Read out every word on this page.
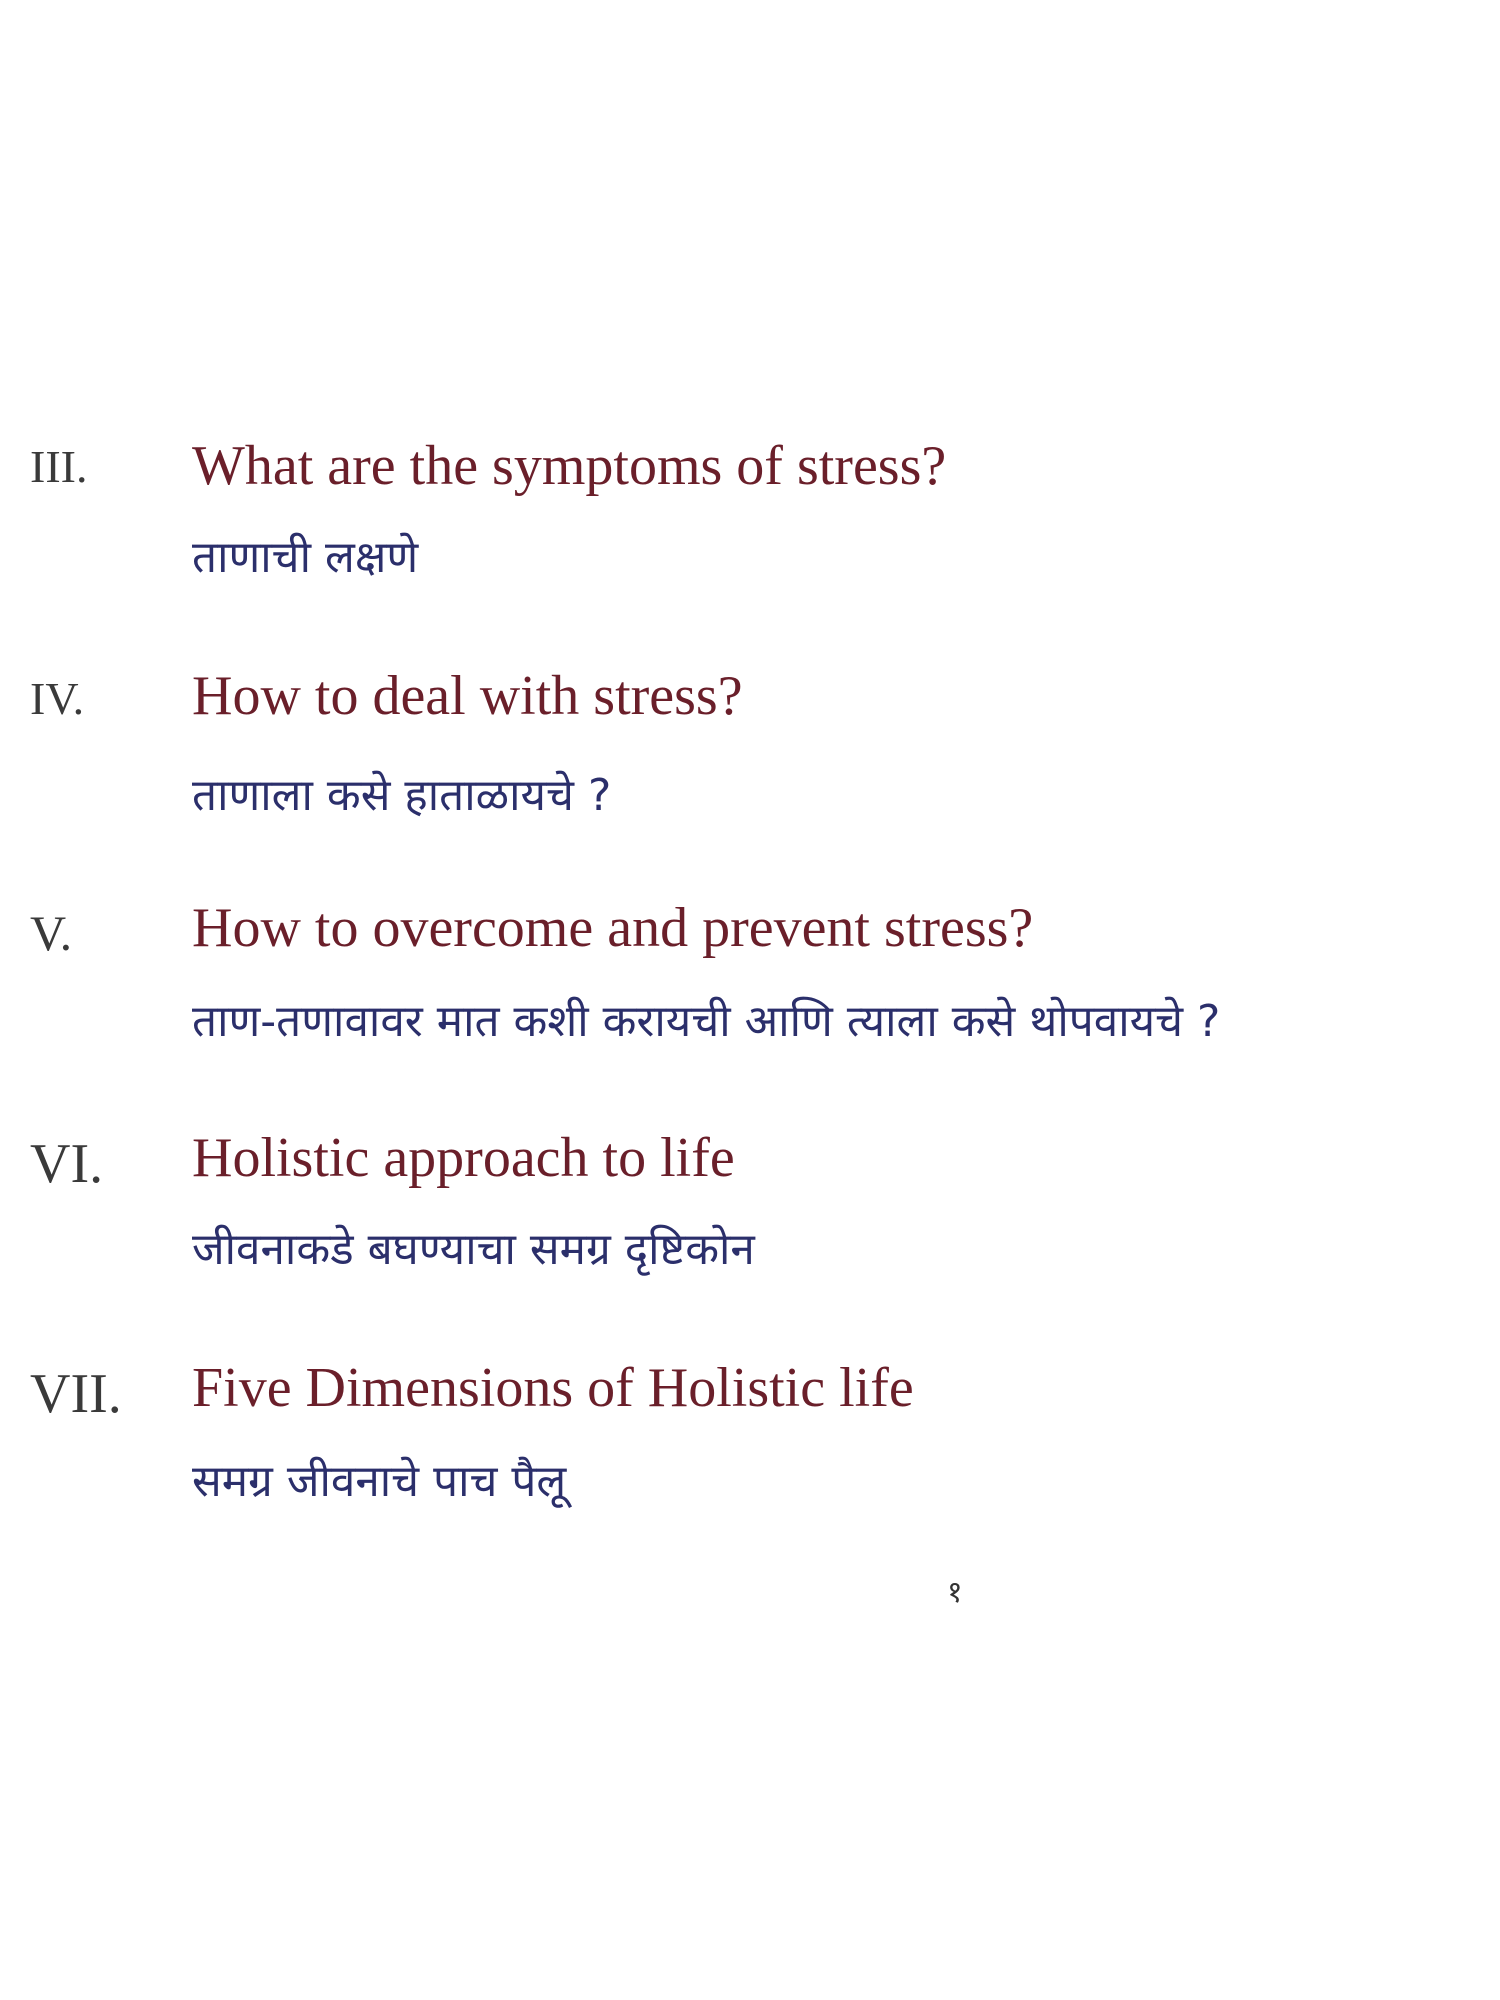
III. What are the symptoms of stress?
ताणाची लक्षणे
IV. How to deal with stress?
ताणाला कसे हाताळायचे ?
V. How to overcome and prevent stress?
ताण-तणावावर मात कशी करायची आणि त्याला कसे थोपवायचे ?
VI. Holistic approach to life
जीवनाकडे बघण्याचा समग्र दृष्टिकोन
VII. Five Dimensions of Holistic life
समग्र जीवनाचे पाच पैलू
१
